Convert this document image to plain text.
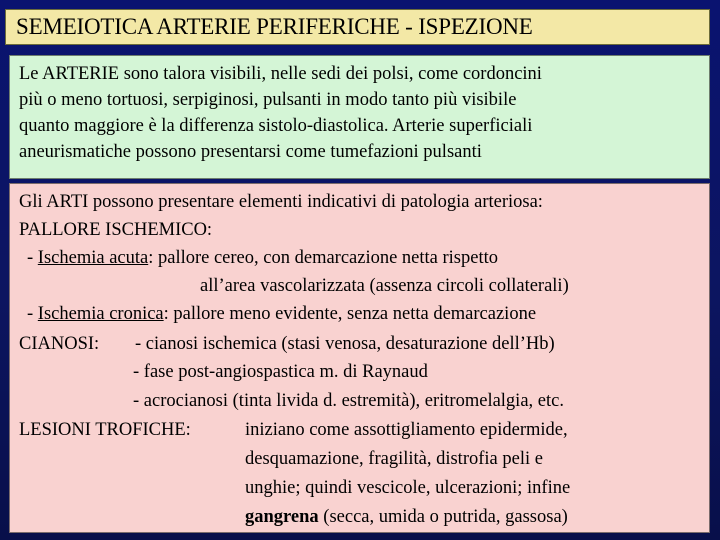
SEMEIOTICA ARTERIE PERIFERICHE - ISPEZIONE
Le ARTERIE sono talora visibili, nelle sedi dei polsi, come cordoncini
più o meno tortuosi, serpiginosi, pulsanti in modo tanto più visibile
quanto maggiore è la differenza sistolo-diastolica. Arterie superficiali
aneurismatiche possono presentarsi come tumefazioni pulsanti
Gli ARTI possono presentare elementi indicativi di patologia arteriosa:
PALLORE ISCHEMICO:
- Ischemia acuta: pallore cereo, con demarcazione netta rispetto
all’area vascolarizzata (assenza circoli collaterali)
- Ischemia cronica: pallore meno evidente, senza netta demarcazione
CIANOSI: - cianosi ischemica (stasi venosa, desaturazione dell’Hb)
- fase post-angiospastica m. di Raynaud
- acrocianosi (tinta livida d. estremità), eritromelalgia, etc.
LESIONI TROFICHE:	iniziano come assottigliamento epidermide,
desquamazione, fragilità, distrofia peli e
unghie; quindi vescicole, ulcerazioni; infine
gangrena (secca, umida o putrida, gassosa)
